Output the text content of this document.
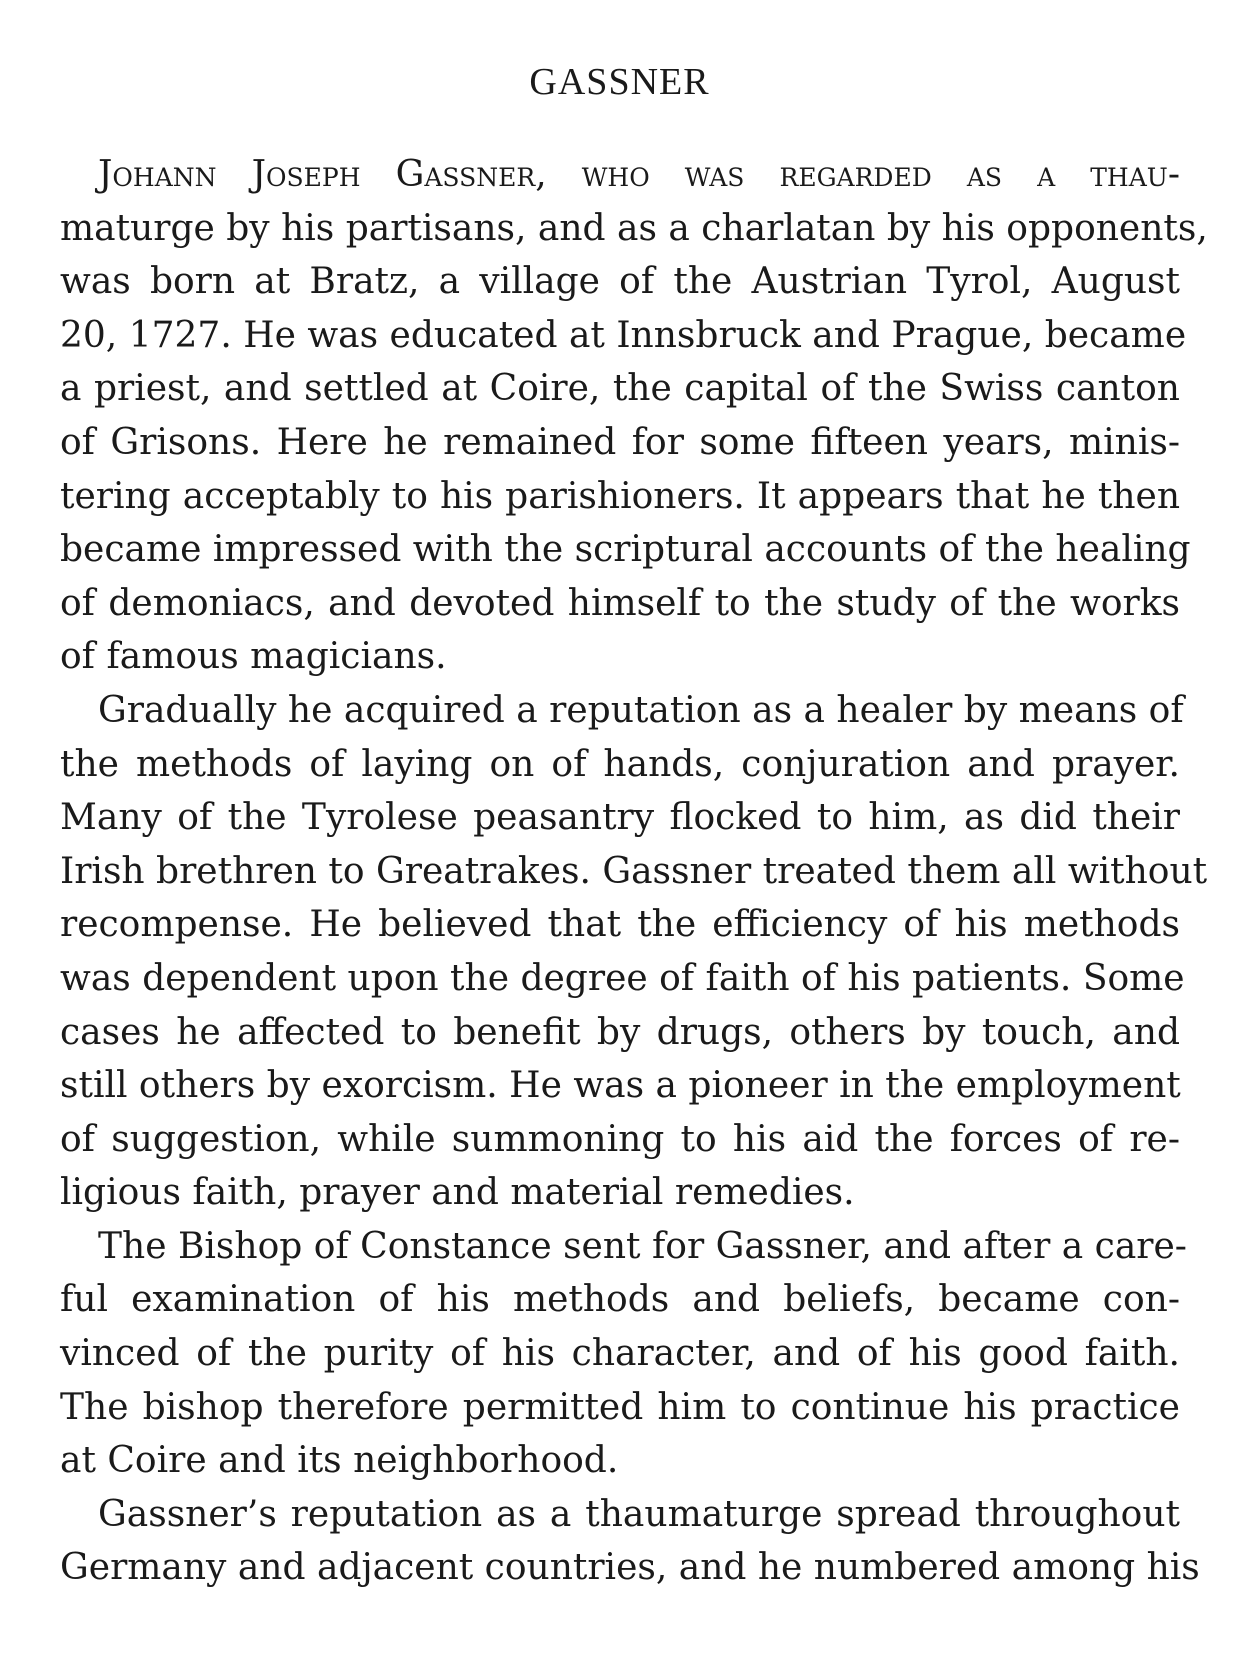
GASSNER
Johann Joseph Gassner, who was regarded as a thau-
maturge by his partisans, and as a charlatan by his opponents,
was born at Bratz, a village of the Austrian Tyrol, August
20, 1727. He was educated at Innsbruck and Prague, became
a priest, and settled at Coire, the capital of the Swiss canton
of Grisons. Here he remained for some fifteen years, minis-
tering acceptably to his parishioners. It appears that he then
became impressed with the scriptural accounts of the healing
of demoniacs, and devoted himself to the study of the works
of famous magicians.
Gradually he acquired a reputation as a healer by means of
the methods of laying on of hands, conjuration and prayer.
Many of the Tyrolese peasantry flocked to him, as did their
Irish brethren to Greatrakes. Gassner treated them all without
recompense. He believed that the efficiency of his methods
was dependent upon the degree of faith of his patients. Some
cases he affected to benefit by drugs, others by touch, and
still others by exorcism. He was a pioneer in the employment
of suggestion, while summoning to his aid the forces of re-
ligious faith, prayer and material remedies.
The Bishop of Constance sent for Gassner, and after a care-
ful examination of his methods and beliefs, became con-
vinced of the purity of his character, and of his good faith.
The bishop therefore permitted him to continue his practice
at Coire and its neighborhood.
Gassner’s reputation as a thaumaturge spread throughout
Germany and adjacent countries, and he numbered among his
